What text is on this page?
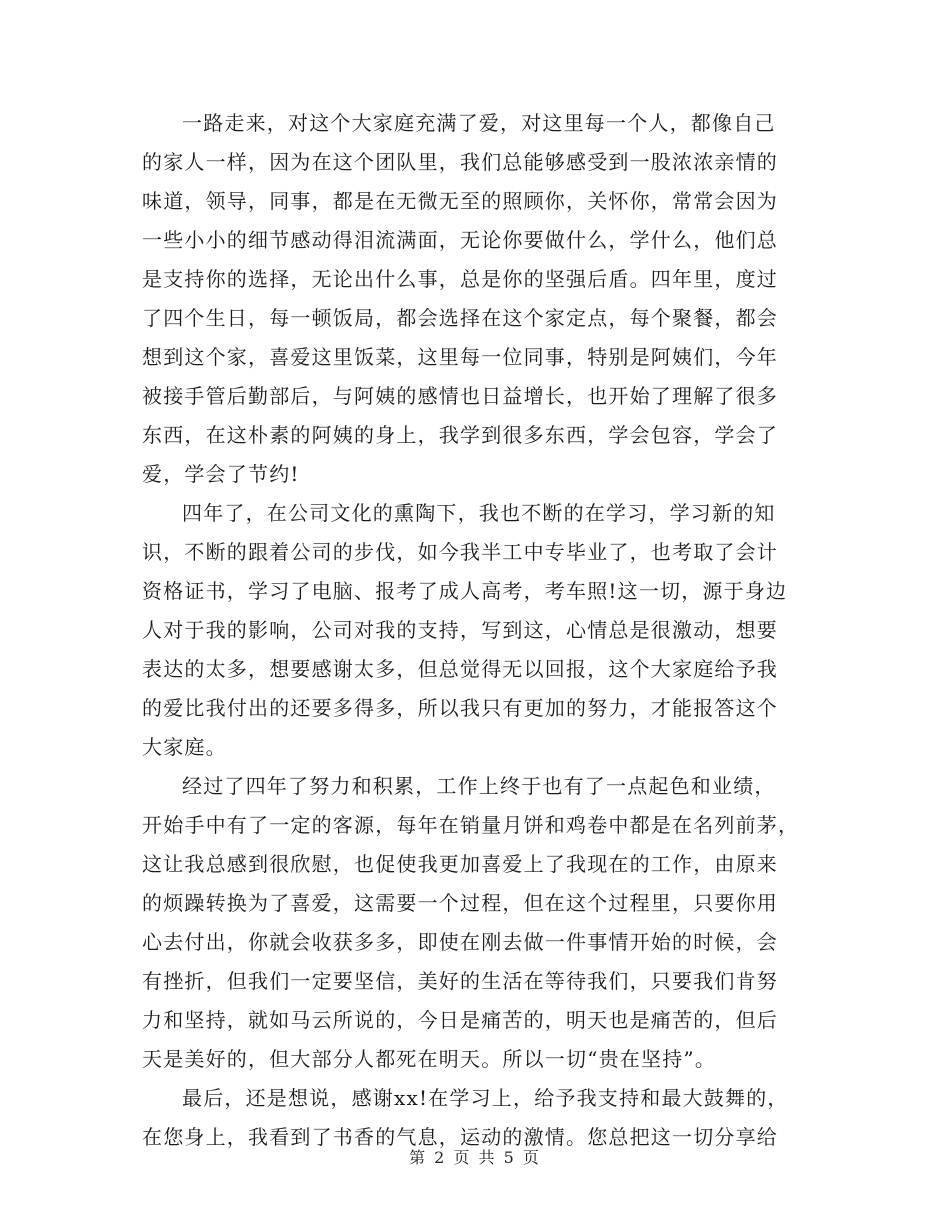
一路走来，对这个大家庭充满了爱，对这里每一个人，都像自己
的家人一样，因为在这个团队里，我们总能够感受到一股浓浓亲情的
味道，领导，同事，都是在无微无至的照顾你，关怀你，常常会因为
一些小小的细节感动得泪流满面，无论你要做什么，学什么，他们总
是支持你的选择，无论出什么事，总是你的坚强后盾。四年里，度过
了四个生日，每一顿饭局，都会选择在这个家定点，每个聚餐，都会
想到这个家，喜爱这里饭菜，这里每一位同事，特别是阿姨们，今年
被接手管后勤部后，与阿姨的感情也日益增长，也开始了理解了很多
东西，在这朴素的阿姨的身上，我学到很多东西，学会包容，学会了
爱，学会了节约!
四年了，在公司文化的熏陶下，我也不断的在学习，学习新的知
识，不断的跟着公司的步伐，如今我半工中专毕业了，也考取了会计
资格证书，学习了电脑、报考了成人高考，考车照!这一切，源于身边
人对于我的影响，公司对我的支持，写到这，心情总是很激动，想要
表达的太多，想要感谢太多，但总觉得无以回报，这个大家庭给予我
的爱比我付出的还要多得多，所以我只有更加的努力，才能报答这个
大家庭。
经过了四年了努力和积累，工作上终于也有了一点起色和业绩，
开始手中有了一定的客源，每年在销量月饼和鸡卷中都是在名列前茅，
这让我总感到很欣慰，也促使我更加喜爱上了我现在的工作，由原来
的烦躁转换为了喜爱，这需要一个过程，但在这个过程里，只要你用
心去付出，你就会收获多多，即使在刚去做一件事情开始的时候，会
有挫折，但我们一定要坚信，美好的生活在等待我们，只要我们肯努
力和坚持，就如马云所说的，今日是痛苦的，明天也是痛苦的，但后
天是美好的，但大部分人都死在明天。所以一切“贵在坚持”。
最后，还是想说，感谢xx!在学习上，给予我支持和最大鼓舞的，
在您身上，我看到了书香的气息，运动的激情。您总把这一切分享给
第 2 页 共 5 页
